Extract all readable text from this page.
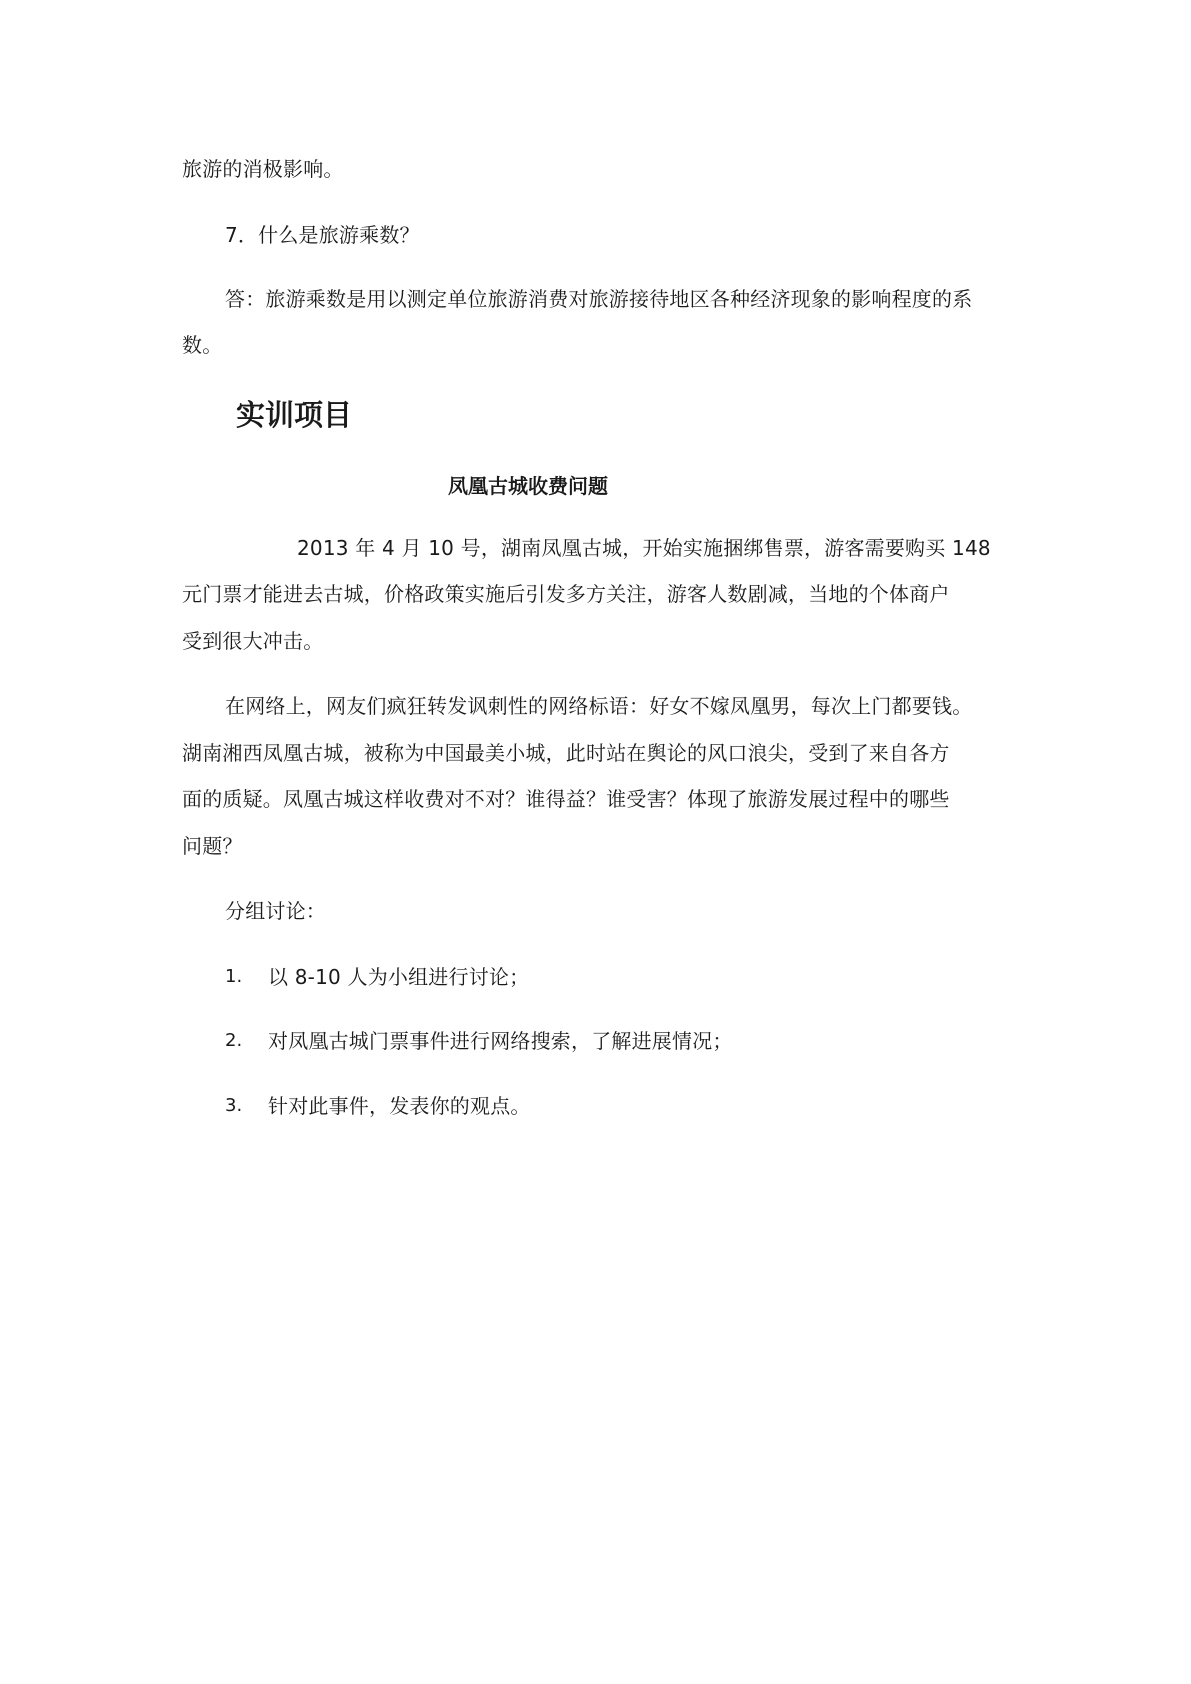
旅游的消极影响。
7．什么是旅游乘数？
答：旅游乘数是用以测定单位旅游消费对旅游接待地区各种经济现象的影响程度的系
数。
实训项目
凤凰古城收费问题
2013 年 4 月 10 号，湖南凤凰古城，开始实施捆绑售票，游客需要购买 148
元门票才能进去古城，价格政策实施后引发多方关注，游客人数剧减，当地的个体商户
受到很大冲击。
在网络上，网友们疯狂转发讽刺性的网络标语：好女不嫁凤凰男，每次上门都要钱。
湖南湘西凤凰古城，被称为中国最美小城，此时站在舆论的风口浪尖，受到了来自各方
面的质疑。凤凰古城这样收费对不对？谁得益？谁受害？体现了旅游发展过程中的哪些
问题？
分组讨论：
1. 以 8-10 人为小组进行讨论；
2. 对凤凰古城门票事件进行网络搜索，了解进展情况；
3. 针对此事件，发表你的观点。
